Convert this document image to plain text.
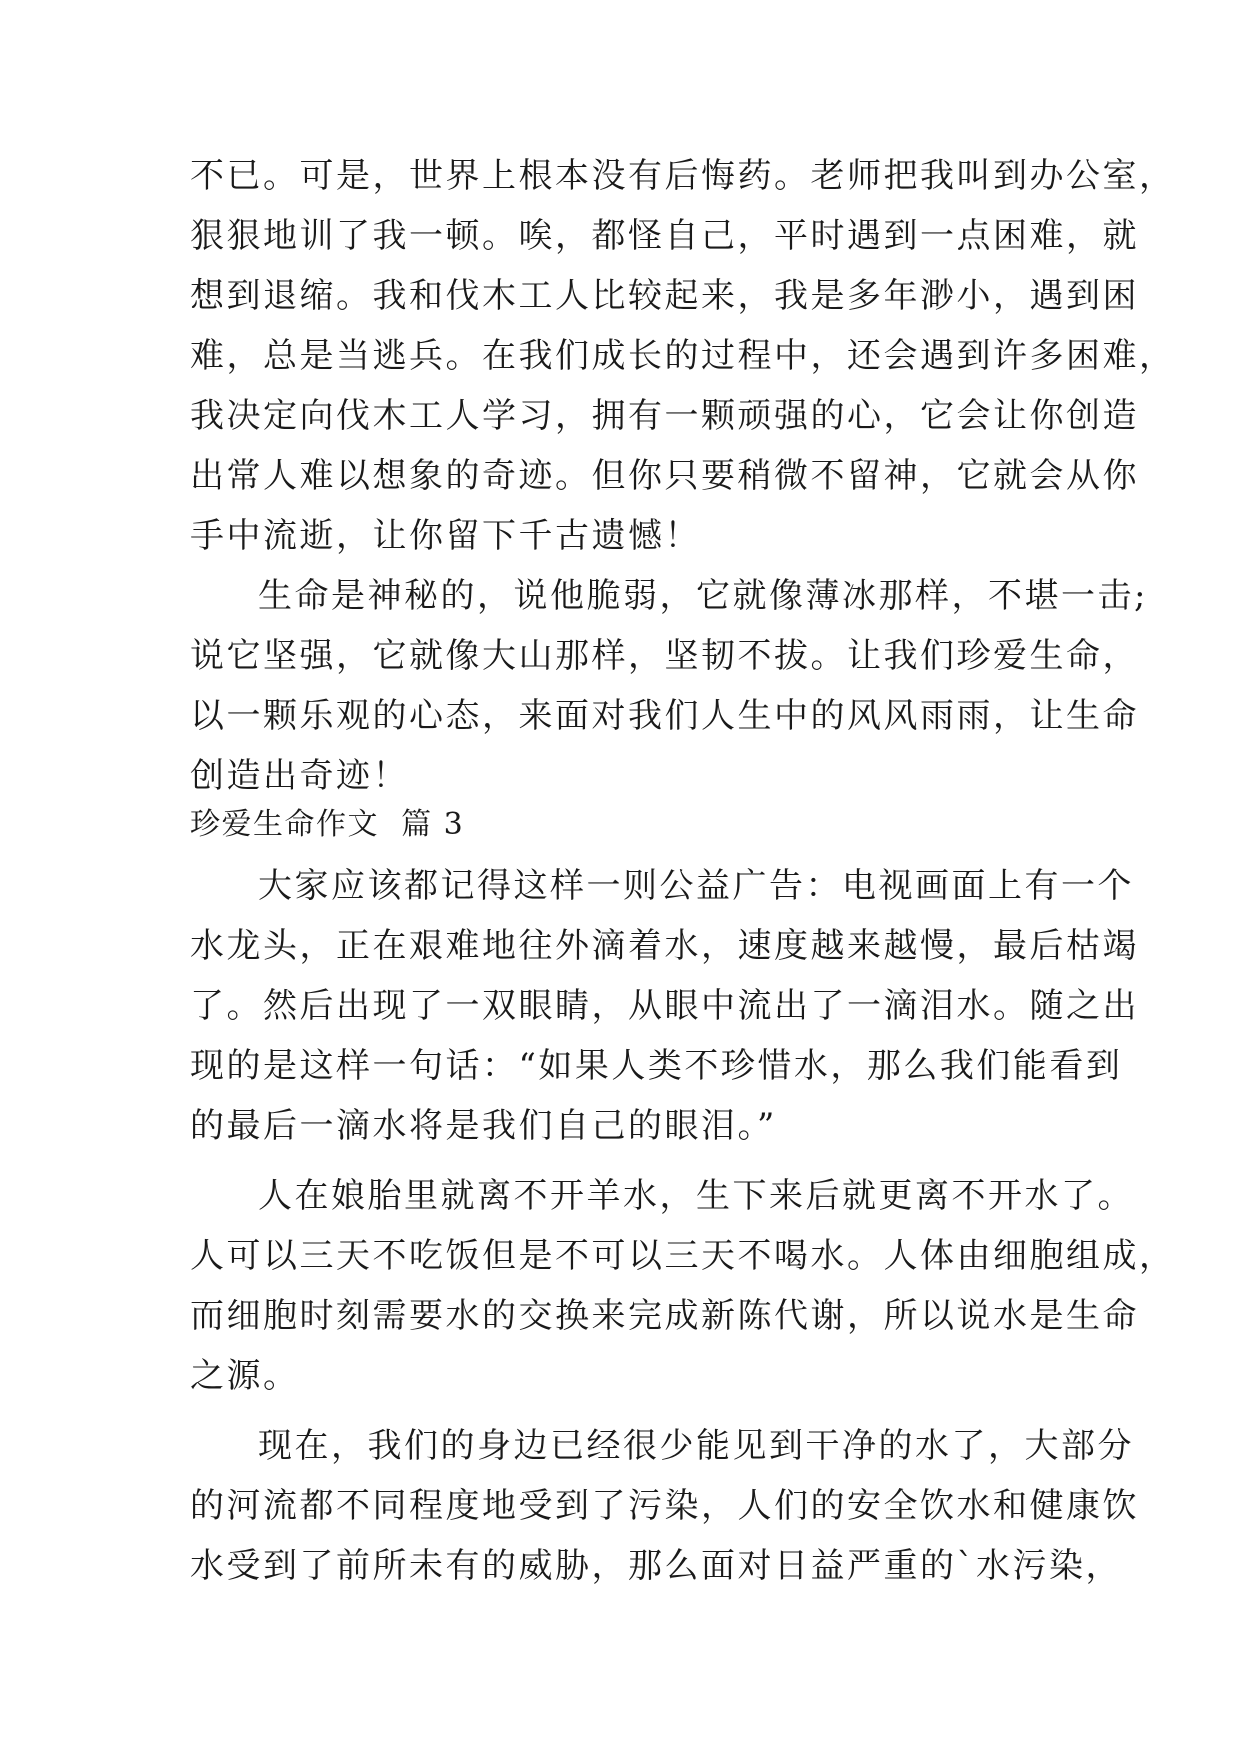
不已。可是，世界上根本没有后悔药。老师把我叫到办公室，
狠狠地训了我一顿。唉，都怪自己，平时遇到一点困难，就
想到退缩。我和伐木工人比较起来，我是多年渺小，遇到困
难，总是当逃兵。在我们成长的过程中，还会遇到许多困难，
我决定向伐木工人学习，拥有一颗顽强的心，它会让你创造
出常人难以想象的奇迹。但你只要稍微不留神，它就会从你
手中流逝，让你留下千古遗憾！
生命是神秘的，说他脆弱，它就像薄冰那样，不堪一击;
说它坚强，它就像大山那样，坚韧不拔。让我们珍爱生命，
以一颗乐观的心态，来面对我们人生中的风风雨雨，让生命
创造出奇迹！
珍爱生命作文  篇 3
大家应该都记得这样一则公益广告：电视画面上有一个
水龙头，正在艰难地往外滴着水，速度越来越慢，最后枯竭
了。然后出现了一双眼睛，从眼中流出了一滴泪水。随之出
现的是这样一句话：“如果人类不珍惜水，那么我们能看到
的最后一滴水将是我们自己的眼泪。”
人在娘胎里就离不开羊水，生下来后就更离不开水了。
人可以三天不吃饭但是不可以三天不喝水。人体由细胞组成，
而细胞时刻需要水的交换来完成新陈代谢，所以说水是生命
之源。
现在，我们的身边已经很少能见到干净的水了，大部分
的河流都不同程度地受到了污染，人们的安全饮水和健康饮
水受到了前所未有的威胁，那么面对日益严重的`水污染，
